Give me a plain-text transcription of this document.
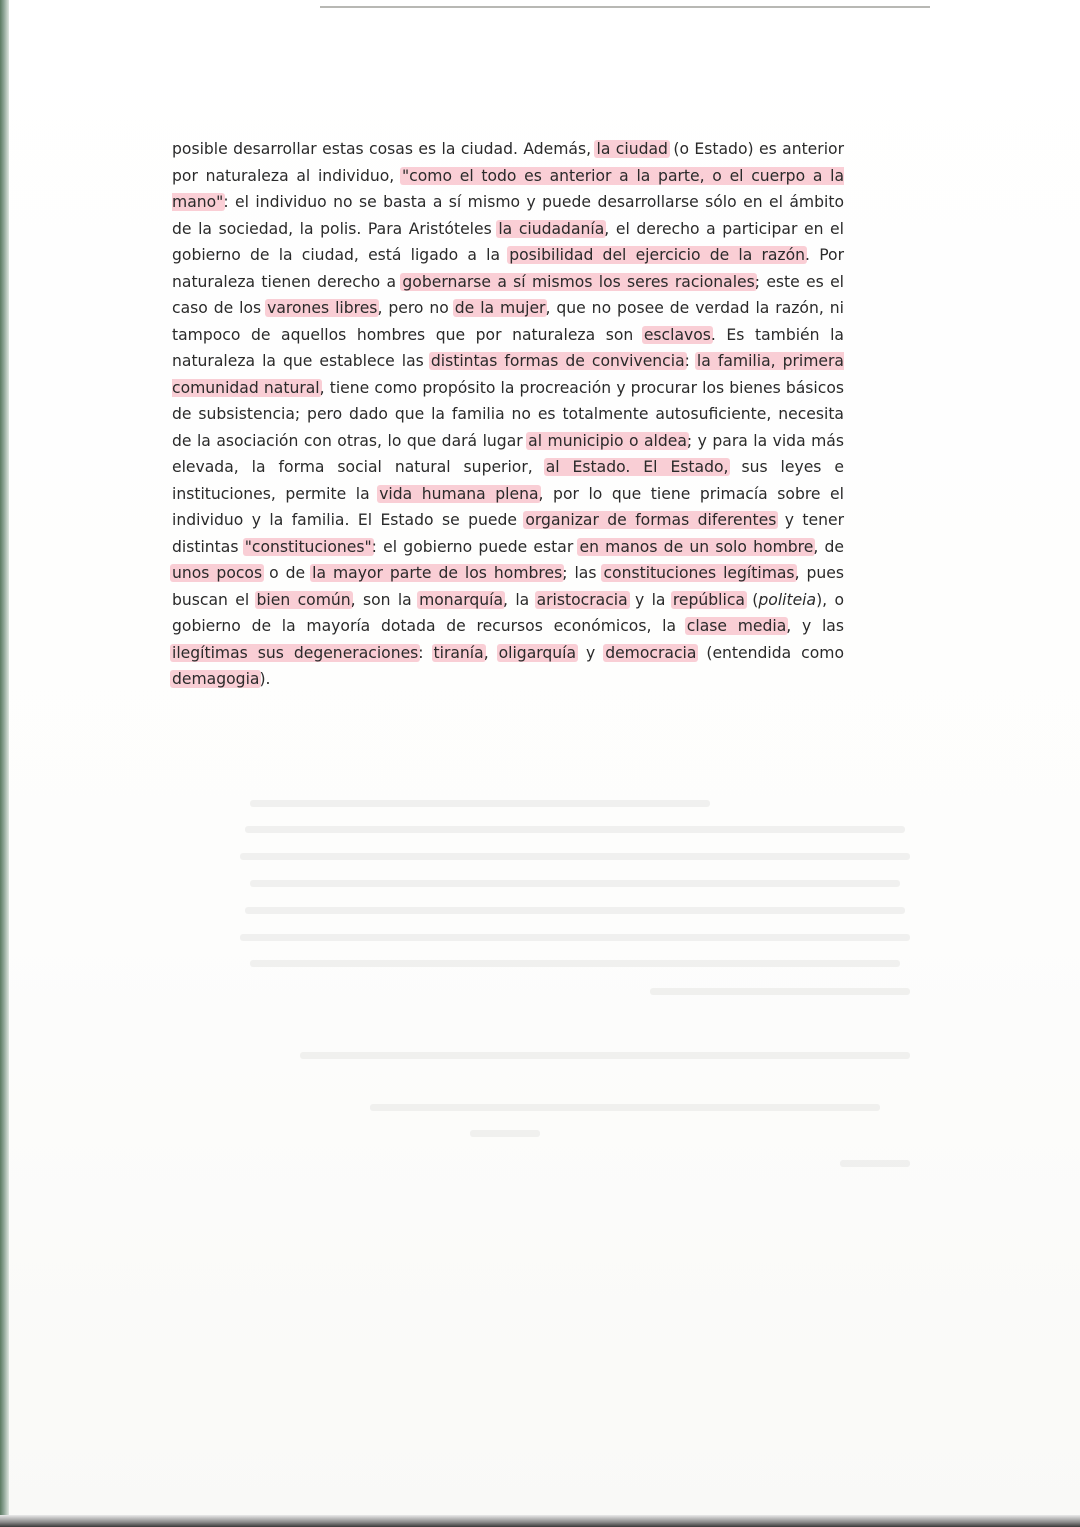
posible desarrollar estas cosas es la ciudad. Además, la ciudad (o Estado) es anterior por naturaleza al individuo, "como el todo es anterior a la parte, o el cuerpo a la mano": el individuo no se basta a sí mismo y puede desarrollarse sólo en el ámbito de la sociedad, la polis. Para Aristóteles la ciudadanía, el derecho a participar en el gobierno de la ciudad, está ligado a la posibilidad del ejercicio de la razón. Por naturaleza tienen derecho a gobernarse a sí mismos los seres racionales; este es el caso de los varones libres, pero no de la mujer, que no posee de verdad la razón, ni tampoco de aquellos hombres que por naturaleza son esclavos. Es también la naturaleza la que establece las distintas formas de convivencia: la familia, primera comunidad natural, tiene como propósito la procreación y procurar los bienes básicos de subsistencia; pero dado que la familia no es totalmente autosuficiente, necesita de la asociación con otras, lo que dará lugar al municipio o aldea; y para la vida más elevada, la forma social natural superior, al Estado. El Estado, sus leyes e instituciones, permite la vida humana plena, por lo que tiene primacía sobre el individuo y la familia. El Estado se puede organizar de formas diferentes y tener distintas "constituciones": el gobierno puede estar en manos de un solo hombre, de unos pocos o de la mayor parte de los hombres; las constituciones legítimas, pues buscan el bien común, son la monarquía, la aristocracia y la república (politeia), o gobierno de la mayoría dotada de recursos económicos, la clase media, y las ilegítimas sus degeneraciones: tiranía, oligarquía y democracia (entendida como demagogia).
